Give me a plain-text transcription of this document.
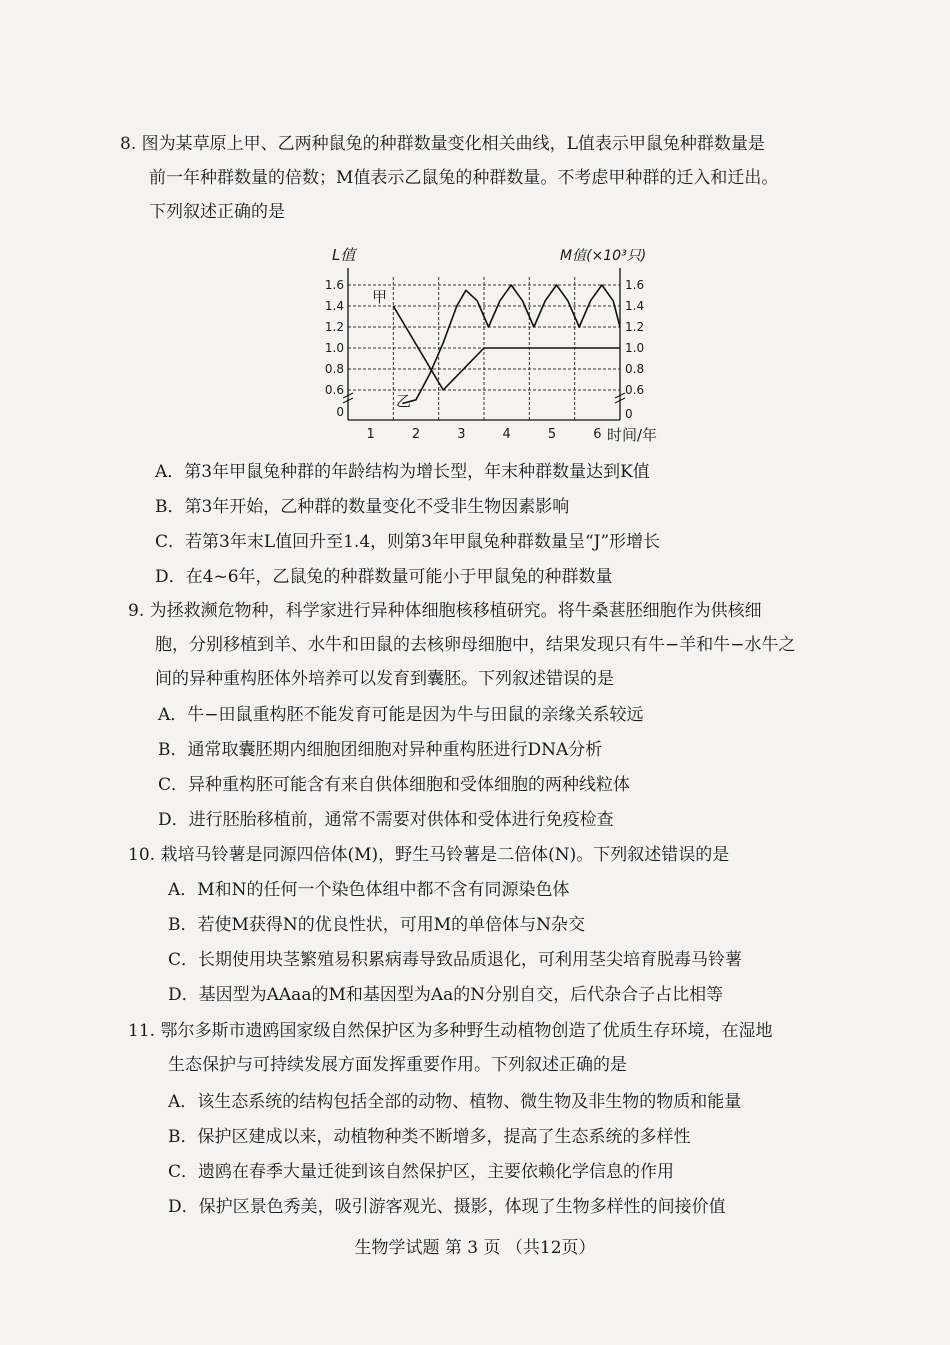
8. 图为某草原上甲、乙两种鼠兔的种群数量变化相关曲线，L值表示甲鼠兔种群数量是
前一年种群数量的倍数；M值表示乙鼠兔的种群数量。不考虑甲种群的迁入和迁出。
下列叙述正确的是
L值	M值(×10³只)
时间/年
0.6	0.6
0.8	0.8
1.0	1.0
1.2	1.2
1.4	1.4
1.6	1.6
0	0
1	2	3	4	5	6
甲
乙
A．第3年甲鼠兔种群的年龄结构为增长型，年末种群数量达到K值
B．第3年开始，乙种群的数量变化不受非生物因素影响
C．若第3年末L值回升至1.4，则第3年甲鼠兔种群数量呈“J”形增长
D．在4~6年，乙鼠兔的种群数量可能小于甲鼠兔的种群数量
9. 为拯救濒危物种，科学家进行异种体细胞核移植研究。将牛桑葚胚细胞作为供核细
胞，分别移植到羊、水牛和田鼠的去核卵母细胞中，结果发现只有牛−羊和牛−水牛之
间的异种重构胚体外培养可以发育到囊胚。下列叙述错误的是
A．牛−田鼠重构胚不能发育可能是因为牛与田鼠的亲缘关系较远
B．通常取囊胚期内细胞团细胞对异种重构胚进行DNA分析
C．异种重构胚可能含有来自供体细胞和受体细胞的两种线粒体
D．进行胚胎移植前，通常不需要对供体和受体进行免疫检查
10. 栽培马铃薯是同源四倍体(M)，野生马铃薯是二倍体(N)。下列叙述错误的是
A．M和N的任何一个染色体组中都不含有同源染色体
B．若使M获得N的优良性状，可用M的单倍体与N杂交
C．长期使用块茎繁殖易积累病毒导致品质退化，可利用茎尖培育脱毒马铃薯
D．基因型为AAaa的M和基因型为Aa的N分别自交，后代杂合子占比相等
11. 鄂尔多斯市遗鸥国家级自然保护区为多种野生动植物创造了优质生存环境，在湿地
生态保护与可持续发展方面发挥重要作用。下列叙述正确的是
A．该生态系统的结构包括全部的动物、植物、微生物及非生物的物质和能量
B．保护区建成以来，动植物种类不断增多，提高了生态系统的多样性
C．遗鸥在春季大量迁徙到该自然保护区，主要依赖化学信息的作用
D．保护区景色秀美，吸引游客观光、摄影，体现了生物多样性的间接价值
生物学试题 第 3 页 （共12页）
